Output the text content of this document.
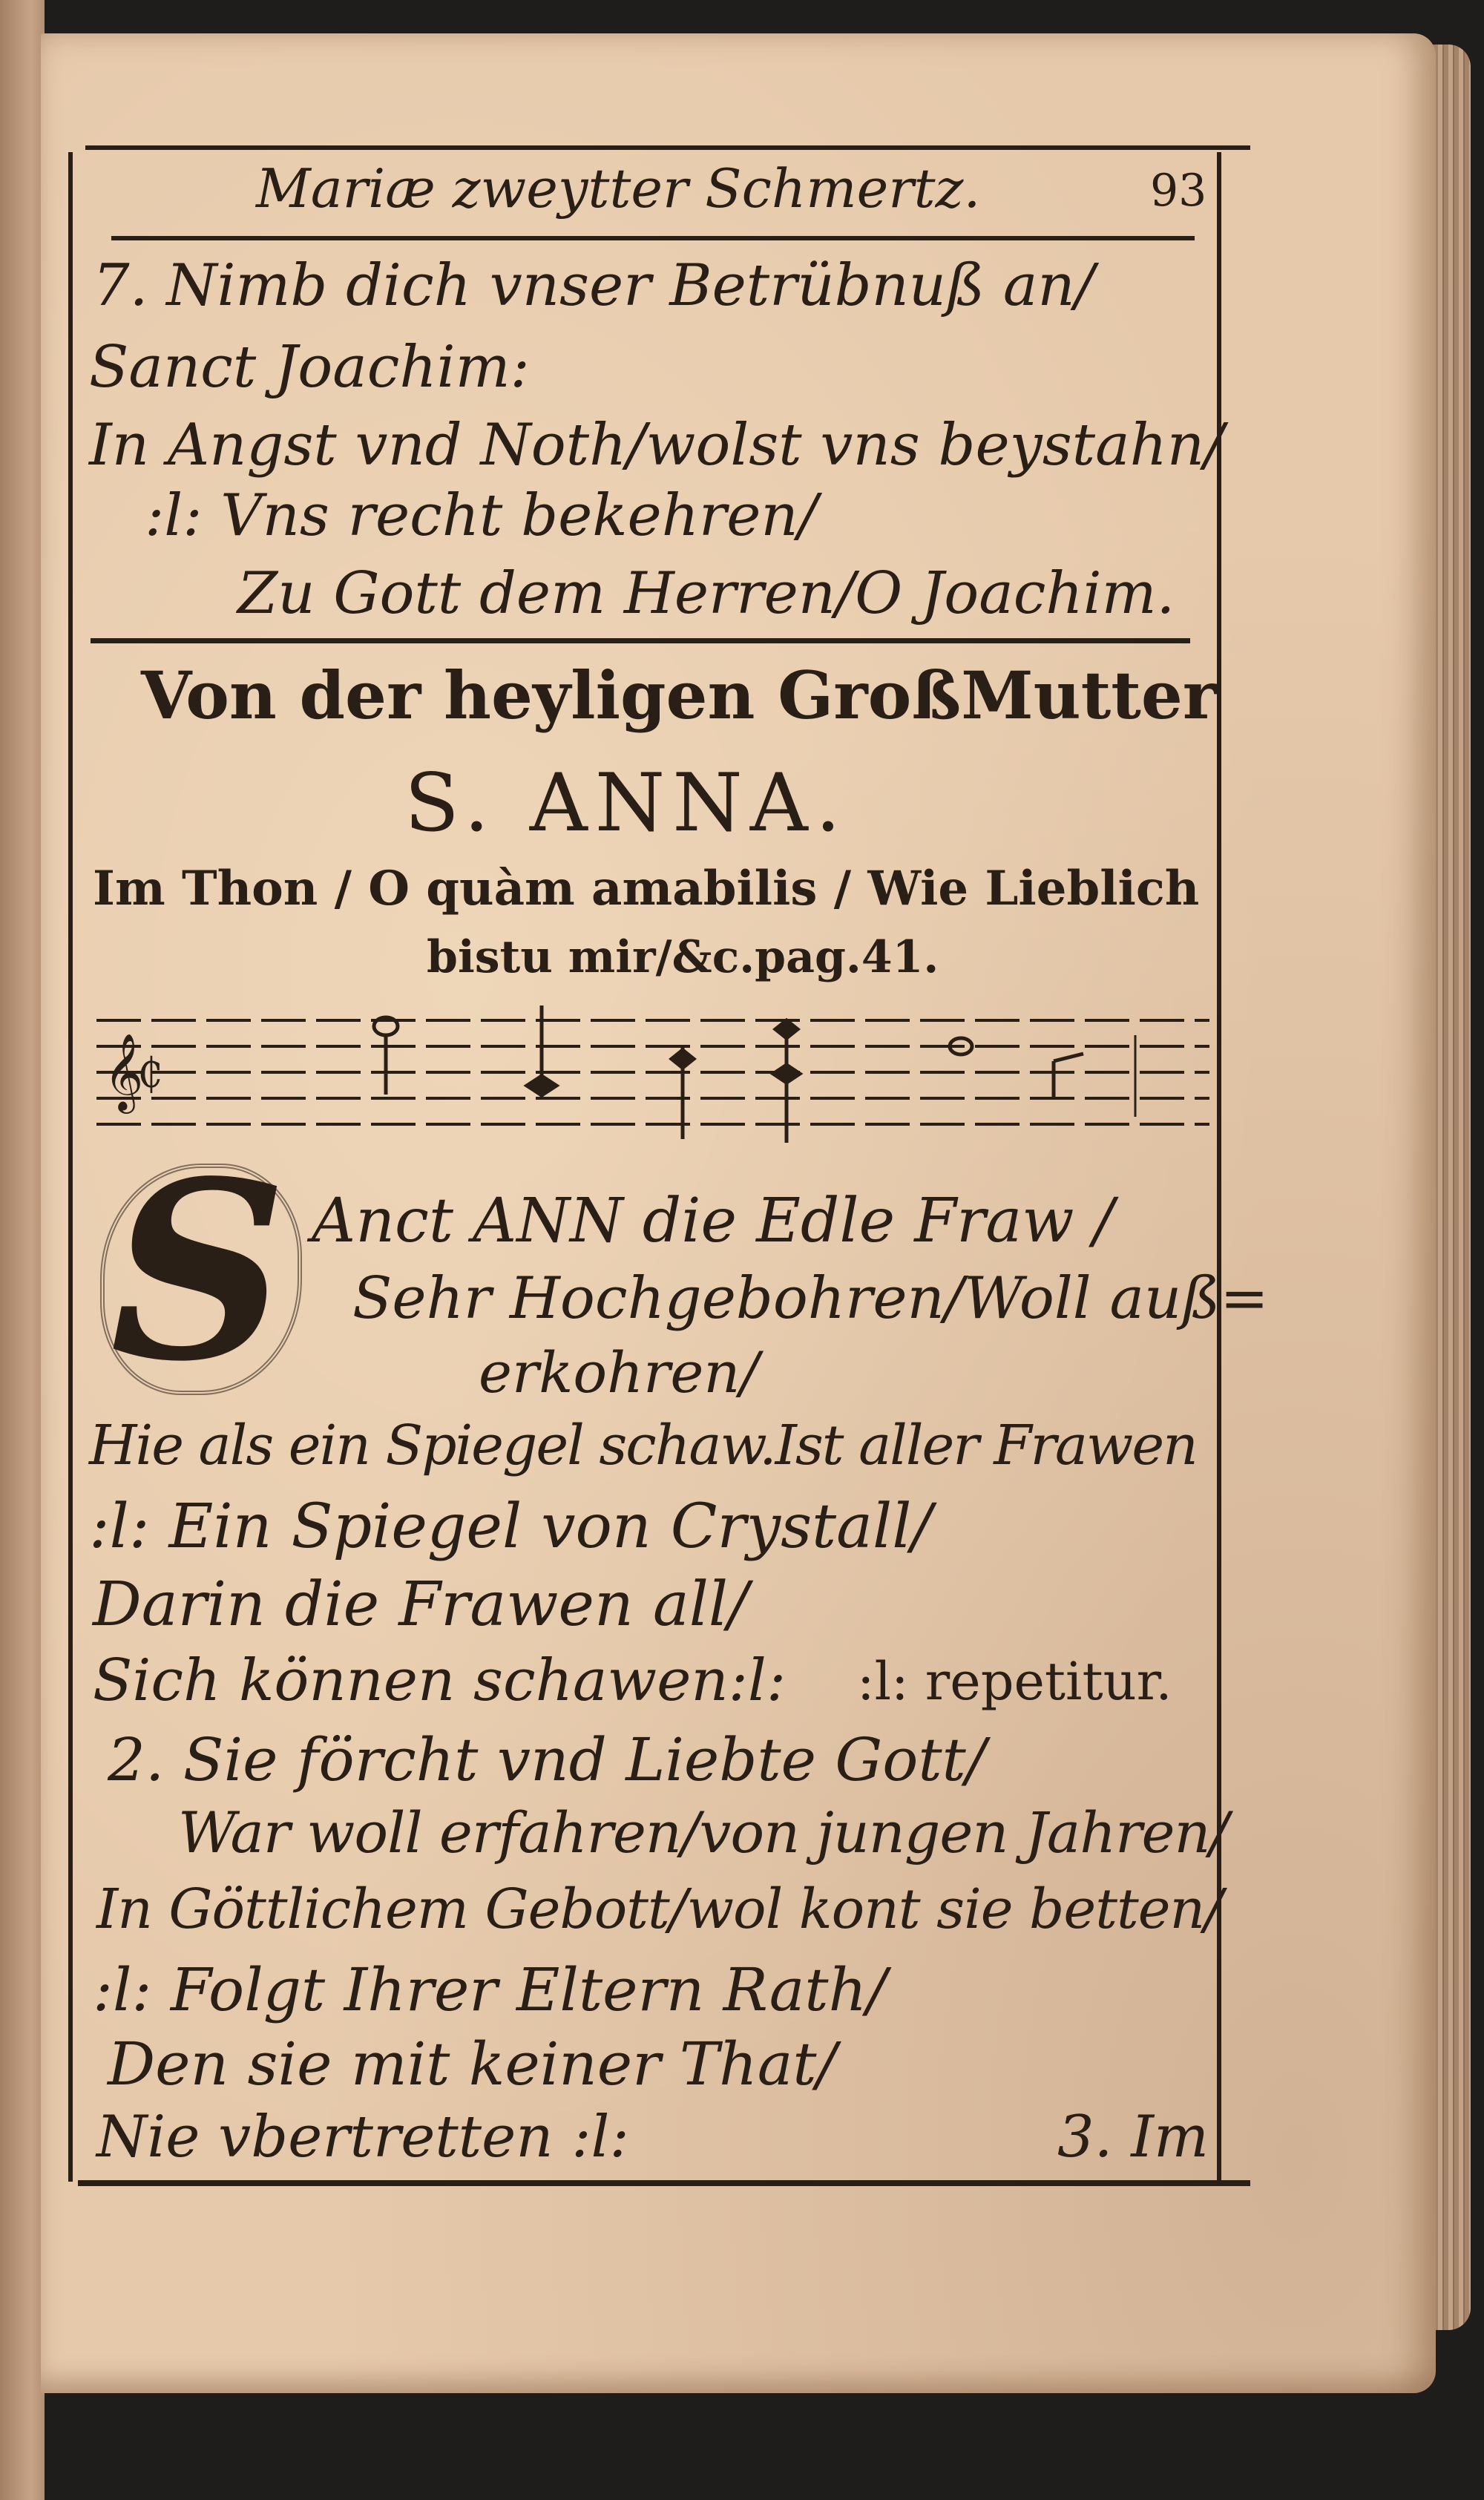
Mariæ zweytter Schmertz.	93
7. Nimb dich vnser Betrübnuß an/
Sanct Joachim:
In Angst vnd Noth/wolst vns beystahn/
:l: Vns recht bekehren/
Zu Gott dem Herren/O Joachim.
Von der heyligen GroßMutter
S. ANNA.
Im Thon / O quàm amabilis / Wie Lieblich
bistu mir/&c.pag.41.
𝄞
₵
S Anct ANN die Edle Fraw /
Sehr Hochgebohren/Woll auß=
erkohren/
Hie als ein Spiegel schaw.Ist aller Frawen
:l: Ein Spiegel von Crystall/
Darin die Frawen all/
Sich können schawen:l: :l: repetitur.
2. Sie förcht vnd Liebte Gott/
War woll erfahren/von jungen Jahren/
In Göttlichem Gebott/wol kont sie betten/
:l: Folgt Ihrer Eltern Rath/
Den sie mit keiner That/
Nie vbertretten :l:	3. Im
